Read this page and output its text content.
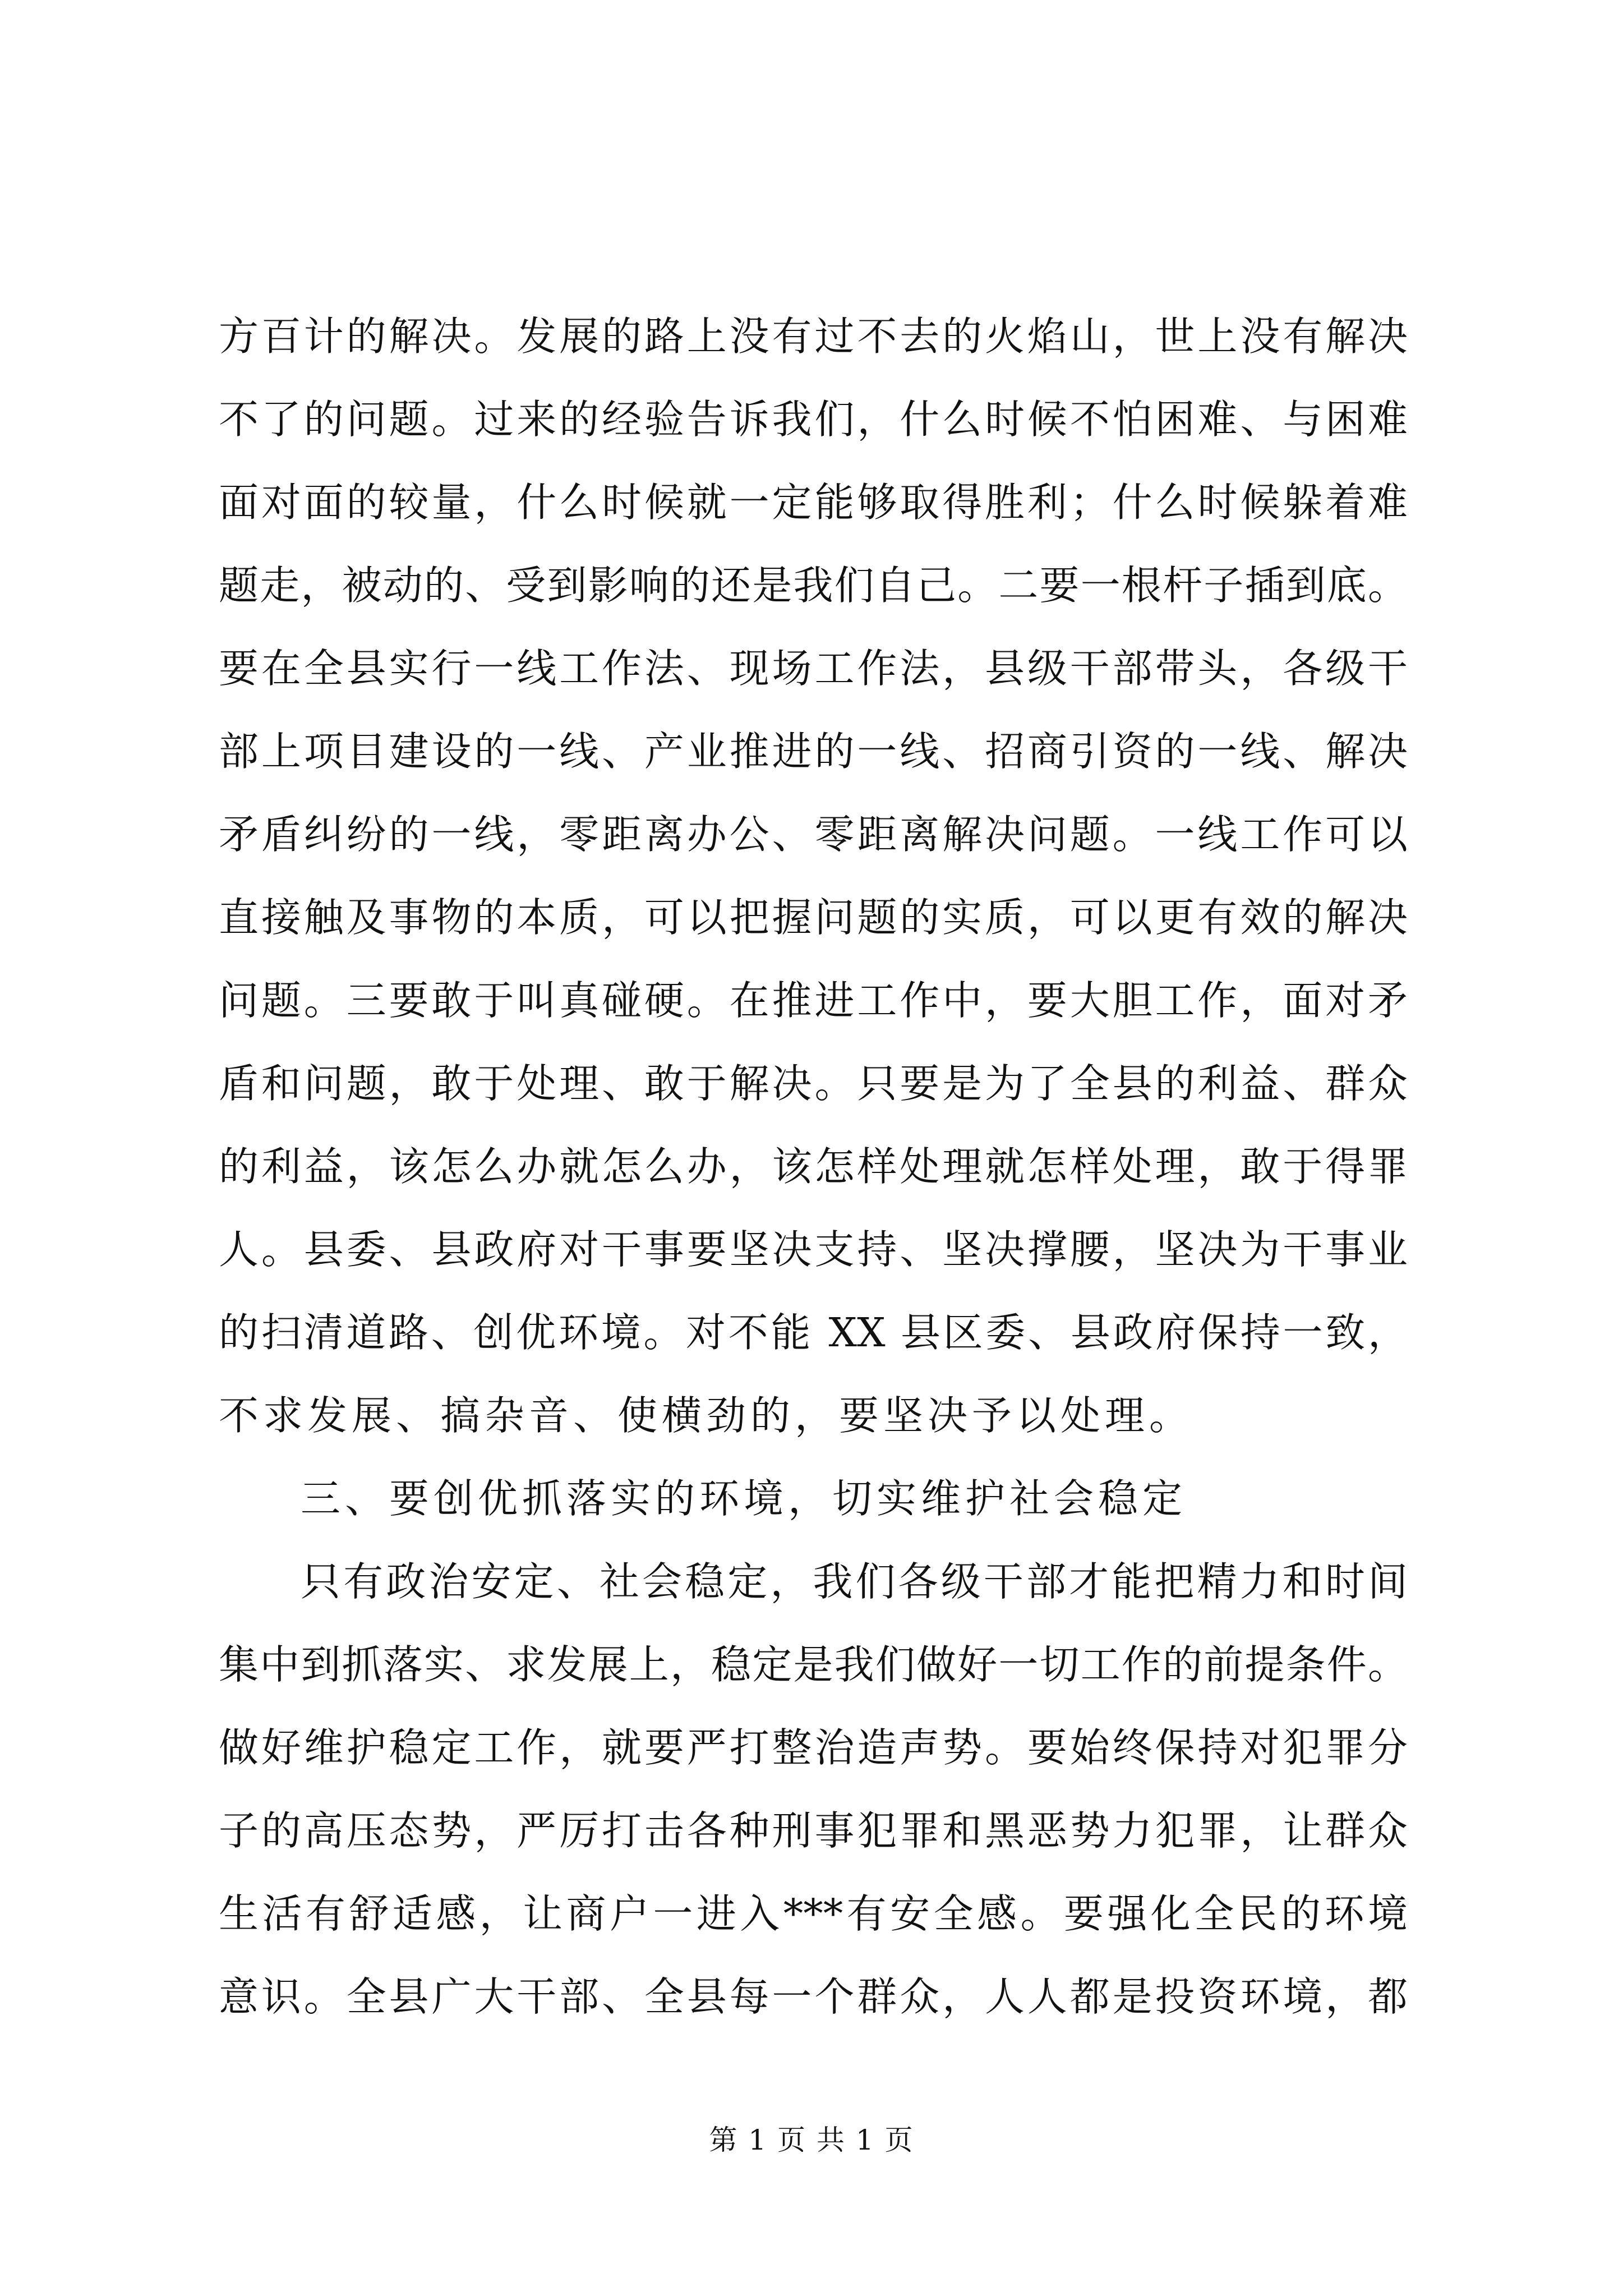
方百计的解决。发展的路上没有过不去的火焰山，世上没有解决
不了的问题。过来的经验告诉我们，什么时候不怕困难、与困难
面对面的较量，什么时候就一定能够取得胜利；什么时候躲着难
题走，被动的、受到影响的还是我们自己。二要一根杆子插到底。
要在全县实行一线工作法、现场工作法，县级干部带头，各级干
部上项目建设的一线、产业推进的一线、招商引资的一线、解决
矛盾纠纷的一线，零距离办公、零距离解决问题。一线工作可以
直接触及事物的本质，可以把握问题的实质，可以更有效的解决
问题。三要敢于叫真碰硬。在推进工作中，要大胆工作，面对矛
盾和问题，敢于处理、敢于解决。只要是为了全县的利益、群众
的利益，该怎么办就怎么办，该怎样处理就怎样处理，敢于得罪
人。县委、县政府对干事要坚决支持、坚决撑腰，坚决为干事业
的扫清道路、创优环境。对不能 XX 县区委、县政府保持一致，
不求发展、搞杂音、使横劲的，要坚决予以处理。
三、要创优抓落实的环境，切实维护社会稳定
只有政治安定、社会稳定，我们各级干部才能把精力和时间
集中到抓落实、求发展上，稳定是我们做好一切工作的前提条件。
做好维护稳定工作，就要严打整治造声势。要始终保持对犯罪分
子的高压态势，严厉打击各种刑事犯罪和黑恶势力犯罪，让群众
生活有舒适感，让商户一进入***有安全感。要强化全民的环境
意识。全县广大干部、全县每一个群众，人人都是投资环境，都
第 1 页 共 1 页
